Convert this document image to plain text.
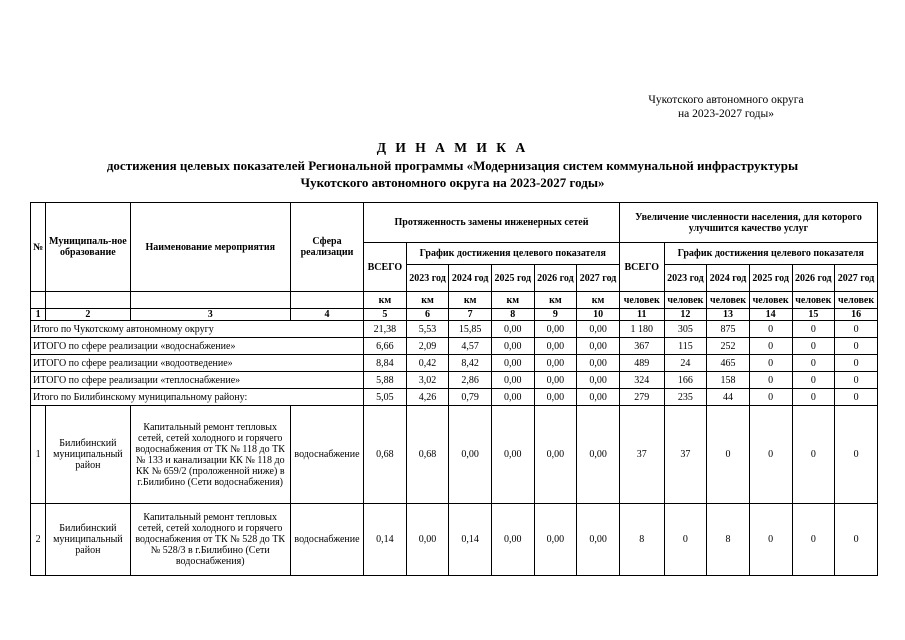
Чукотского автономного округа
на 2023-2027 годы»
Д И Н А М И К А
достижения целевых показателей Региональной программы «Модернизация систем коммунальной инфраструктуры
Чукотского автономного округа на 2023-2027 годы»
№	Муниципаль-ное образование	Наименование мероприятия	Сфера реализации	Протяженность замены инженерных сетей						Увеличение численности населения, для которого улучшится качество услуг					
				ВСЕГО	График достижения целевого показателя					ВСЕГО	График достижения целевого показателя				
					2023 год	2024 год	2025 год	2026 год	2027 год		2023 год	2024 год	2025 год	2026 год	2027 год
				км	км	км	км	км	км	человек	человек	человек	человек	человек	человек
1	2	3	4	5	6	7	8	9	10	11	12	13	14	15	16
Итого по Чукотскому автономному округу				21,38	5,53	15,85	0,00	0,00	0,00	1 180	305	875	0	0	0
ИТОГО по сфере реализации «водоснабжение»				6,66	2,09	4,57	0,00	0,00	0,00	367	115	252	0	0	0
ИТОГО по сфере реализации «водоотведение»				8,84	0,42	8,42	0,00	0,00	0,00	489	24	465	0	0	0
ИТОГО по сфере реализации «теплоснабжение»				5,88	3,02	2,86	0,00	0,00	0,00	324	166	158	0	0	0
Итого по Билибинскому муниципальному району:				5,05	4,26	0,79	0,00	0,00	0,00	279	235	44	0	0	0
1	Билибинский муниципальный район	Капитальный ремонт тепловых сетей, сетей холодного и горячего водоснабжения от ТК № 118 до ТК № 133 и канализации КК № 118 до КК № 659/2 (проложенной ниже) в г.Билибино (Сети водоснабжения)	водоснабжение	0,68	0,68	0,00	0,00	0,00	0,00	37	37	0	0	0	0
2	Билибинский муниципальный район	Капитальный ремонт тепловых сетей, сетей холодного и горячего водоснабжения от ТК № 528 до ТК № 528/3 в г.Билибино (Сети водоснабжения)	водоснабжение	0,14	0,00	0,14	0,00	0,00	0,00	8	0	8	0	0	0
